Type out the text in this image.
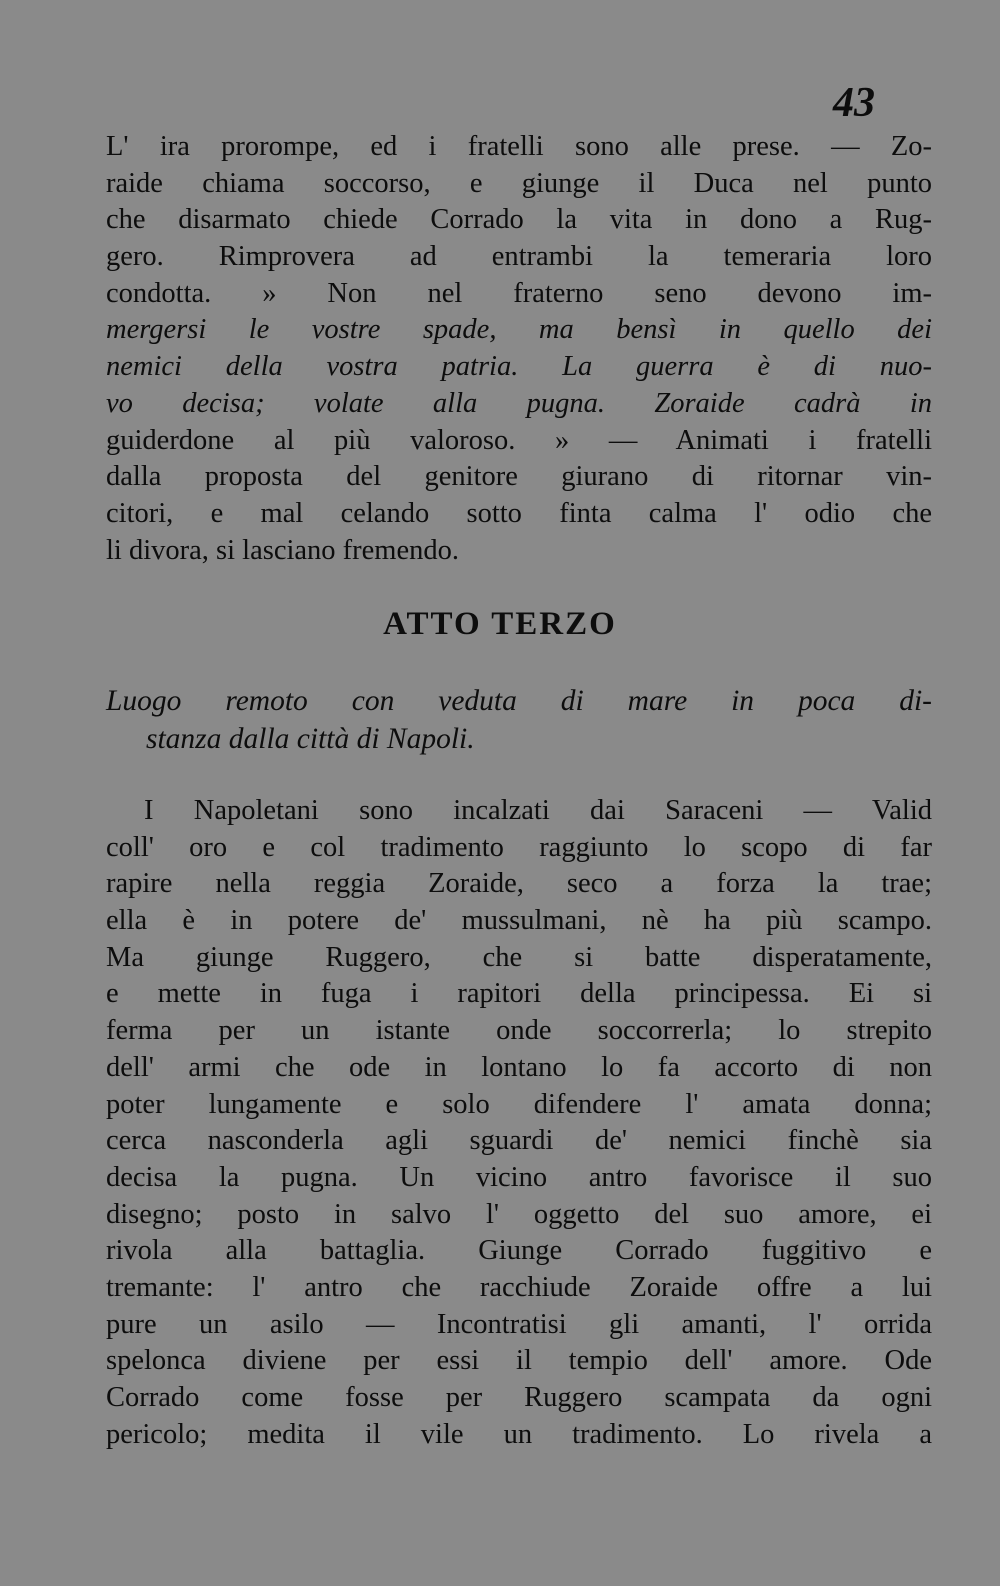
43
L' ira prorompe, ed i fratelli sono alle prese. — Zo-
raide chiama soccorso, e giunge il Duca nel punto
che disarmato chiede Corrado la vita in dono a Rug-
gero. Rimprovera ad entrambi la temeraria loro
condotta. » Non nel fraterno seno devono im-
mergersi le vostre spade, ma bensì in quello dei
nemici della vostra patria. La guerra è di nuo-
vo decisa; volate alla pugna. Zoraide cadrà in
guiderdone al più valoroso. » — Animati i fratelli
dalla proposta del genitore giurano di ritornar vin-
citori, e mal celando sotto finta calma l' odio che
li divora, si lasciano fremendo.
ATTO TERZO
Luogo remoto con veduta di mare in poca di-
stanza dalla città di Napoli.
I Napoletani sono incalzati dai Saraceni — Valid
coll' oro e col tradimento raggiunto lo scopo di far
rapire nella reggia Zoraide, seco a forza la trae;
ella è in potere de' mussulmani, nè ha più scampo.
Ma giunge Ruggero, che si batte disperatamente,
e mette in fuga i rapitori della principessa. Ei si
ferma per un istante onde soccorrerla; lo strepito
dell' armi che ode in lontano lo fa accorto di non
poter lungamente e solo difendere l' amata donna;
cerca nasconderla agli sguardi de' nemici finchè sia
decisa la pugna. Un vicino antro favorisce il suo
disegno; posto in salvo l' oggetto del suo amore, ei
rivola alla battaglia. Giunge Corrado fuggitivo e
tremante: l' antro che racchiude Zoraide offre a lui
pure un asilo — Incontratisi gli amanti, l' orrida
spelonca diviene per essi il tempio dell' amore. Ode
Corrado come fosse per Ruggero scampata da ogni
pericolo; medita il vile un tradimento. Lo rivela a
